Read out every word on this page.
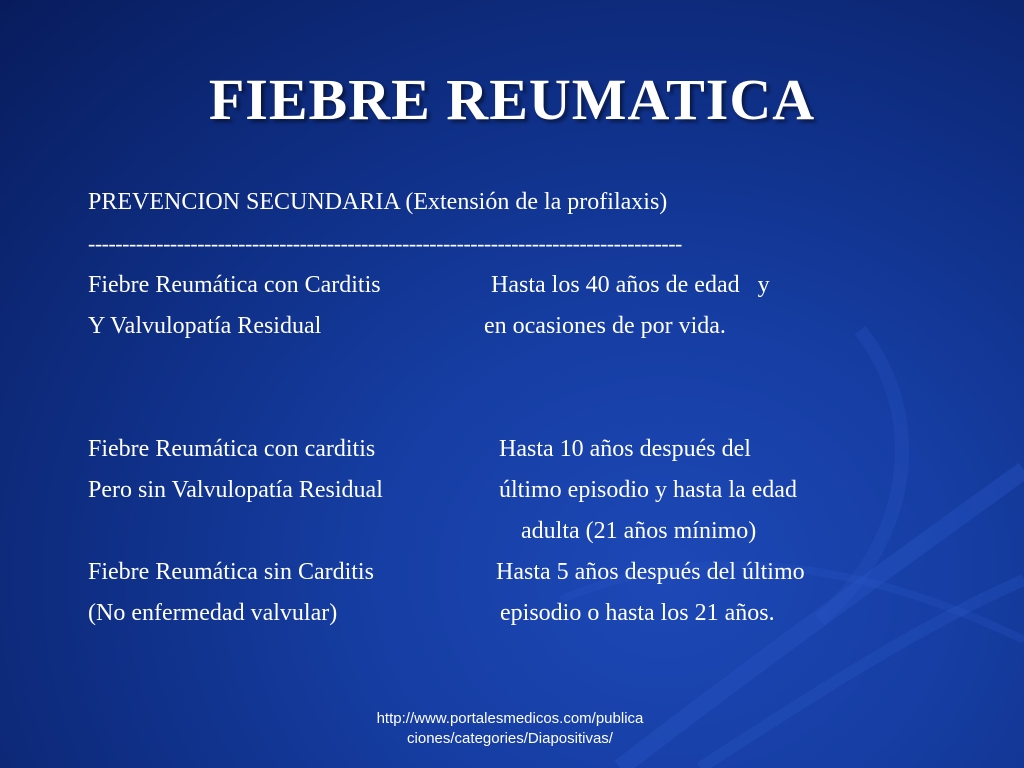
FIEBRE REUMATICA
PREVENCION SECUNDARIA (Extensión de la profilaxis)
---------------------------------------------------------------------------------------
Fiebre Reumática con Carditis	Hasta los 40 años de edad   y
Y Valvulopatía Residual	en ocasiones de por vida.
Fiebre Reumática con carditis	Hasta 10 años después del
Pero sin Valvulopatía Residual	último episodio y hasta la edad
adulta (21 años mínimo)
Fiebre Reumática sin Carditis	Hasta 5 años después del último
(No enfermedad valvular)	episodio o hasta los 21 años.
http://www.portalesmedicos.com/publica
ciones/categories/Diapositivas/
